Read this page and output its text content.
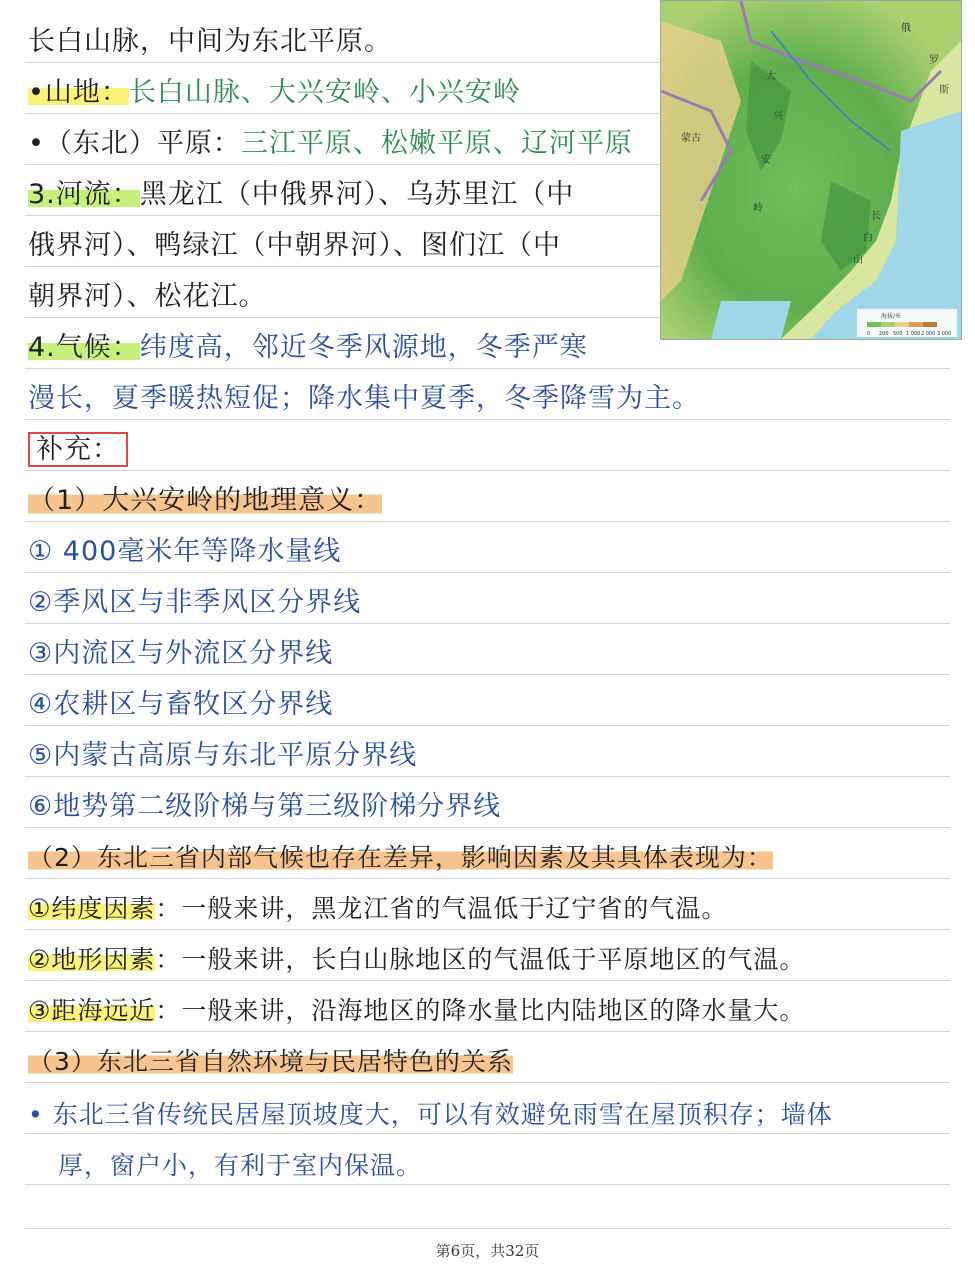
大
兴
安
岭
俄
罗
斯
蒙古
长
白
山
海拔/米
0 200 500 1 000 2 000 3 000
长白山脉，中间为东北平原。
•山地：长白山脉、大兴安岭、小兴安岭
•（东北）平原：三江平原、松嫩平原、辽河平原
3.河流：黑龙江（中俄界河）、乌苏里江（中
俄界河）、鸭绿江（中朝界河）、图们江（中
朝界河）、松花江。
4.气候：纬度高，邻近冬季风源地，冬季严寒
漫长，夏季暖热短促；降水集中夏季，冬季降雪为主。
补充：
（1）大兴安岭的地理意义：
① 400毫米年等降水量线
②季风区与非季风区分界线
③内流区与外流区分界线
④农耕区与畜牧区分界线
⑤内蒙古高原与东北平原分界线
⑥地势第二级阶梯与第三级阶梯分界线
（2）东北三省内部气候也存在差异，影响因素及其具体表现为：
①纬度因素：一般来讲，黑龙江省的气温低于辽宁省的气温。
②地形因素：一般来讲，长白山脉地区的气温低于平原地区的气温。
③距海远近：一般来讲，沿海地区的降水量比内陆地区的降水量大。
（3）东北三省自然环境与民居特色的关系
• 东北三省传统民居屋顶坡度大，可以有效避免雨雪在屋顶积存；墙体
厚，窗户小，有利于室内保温。
第6页，共32页
